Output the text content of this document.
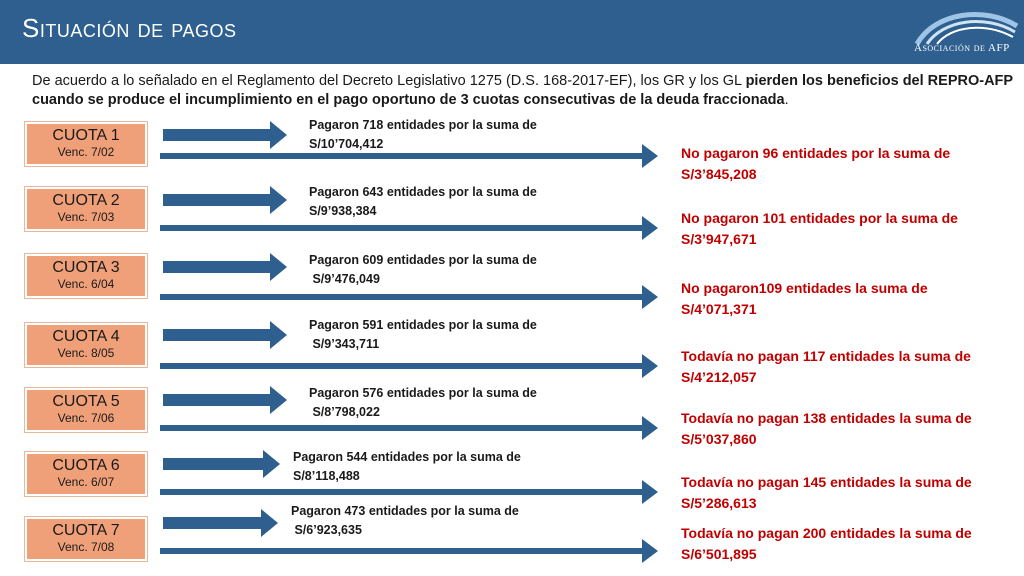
Situación de pagos
Asociación de AFP
De acuerdo a lo señalado en el Reglamento del Decreto Legislativo 1275 (D.S. 168-2017-EF), los GR y los GL pierden los beneficios del REPRO-AFP cuando se produce el incumplimiento en el pago oportuno de 3 cuotas consecutivas de la deuda fraccionada.
CUOTA 1
Venc. 7/02
Pagaron 718 entidades por la suma de
S/10’704,412
No pagaron 96 entidades por la suma de
S/3’845,208
CUOTA 2
Venc. 7/03
Pagaron 643 entidades por la suma de
S/9’938,384	No pagaron 101 entidades por la suma de
S/3’947,671
CUOTA 3
Venc. 6/04
Pagaron 609 entidades por la suma de
S/9’476,049
No pagaron109 entidades la suma de
S/4’071,371
CUOTA 4
Venc. 8/05
Pagaron 591 entidades por la suma de
S/9’343,711
Todavía no pagan 117 entidades la suma de
S/4’212,057
CUOTA 5
Venc. 7/06
Pagaron 576 entidades por la suma de
S/8’798,022	Todavía no pagan 138 entidades la suma de
S/5’037,860
CUOTA 6
Venc. 6/07
Pagaron 544 entidades por la suma de
S/8’118,488	Todavía no pagan 145 entidades la suma de
S/5’286,613
CUOTA 7
Venc. 7/08
Pagaron 473 entidades por la suma de
S/6’923,635	Todavía no pagan 200 entidades la suma de
S/6’501,895
